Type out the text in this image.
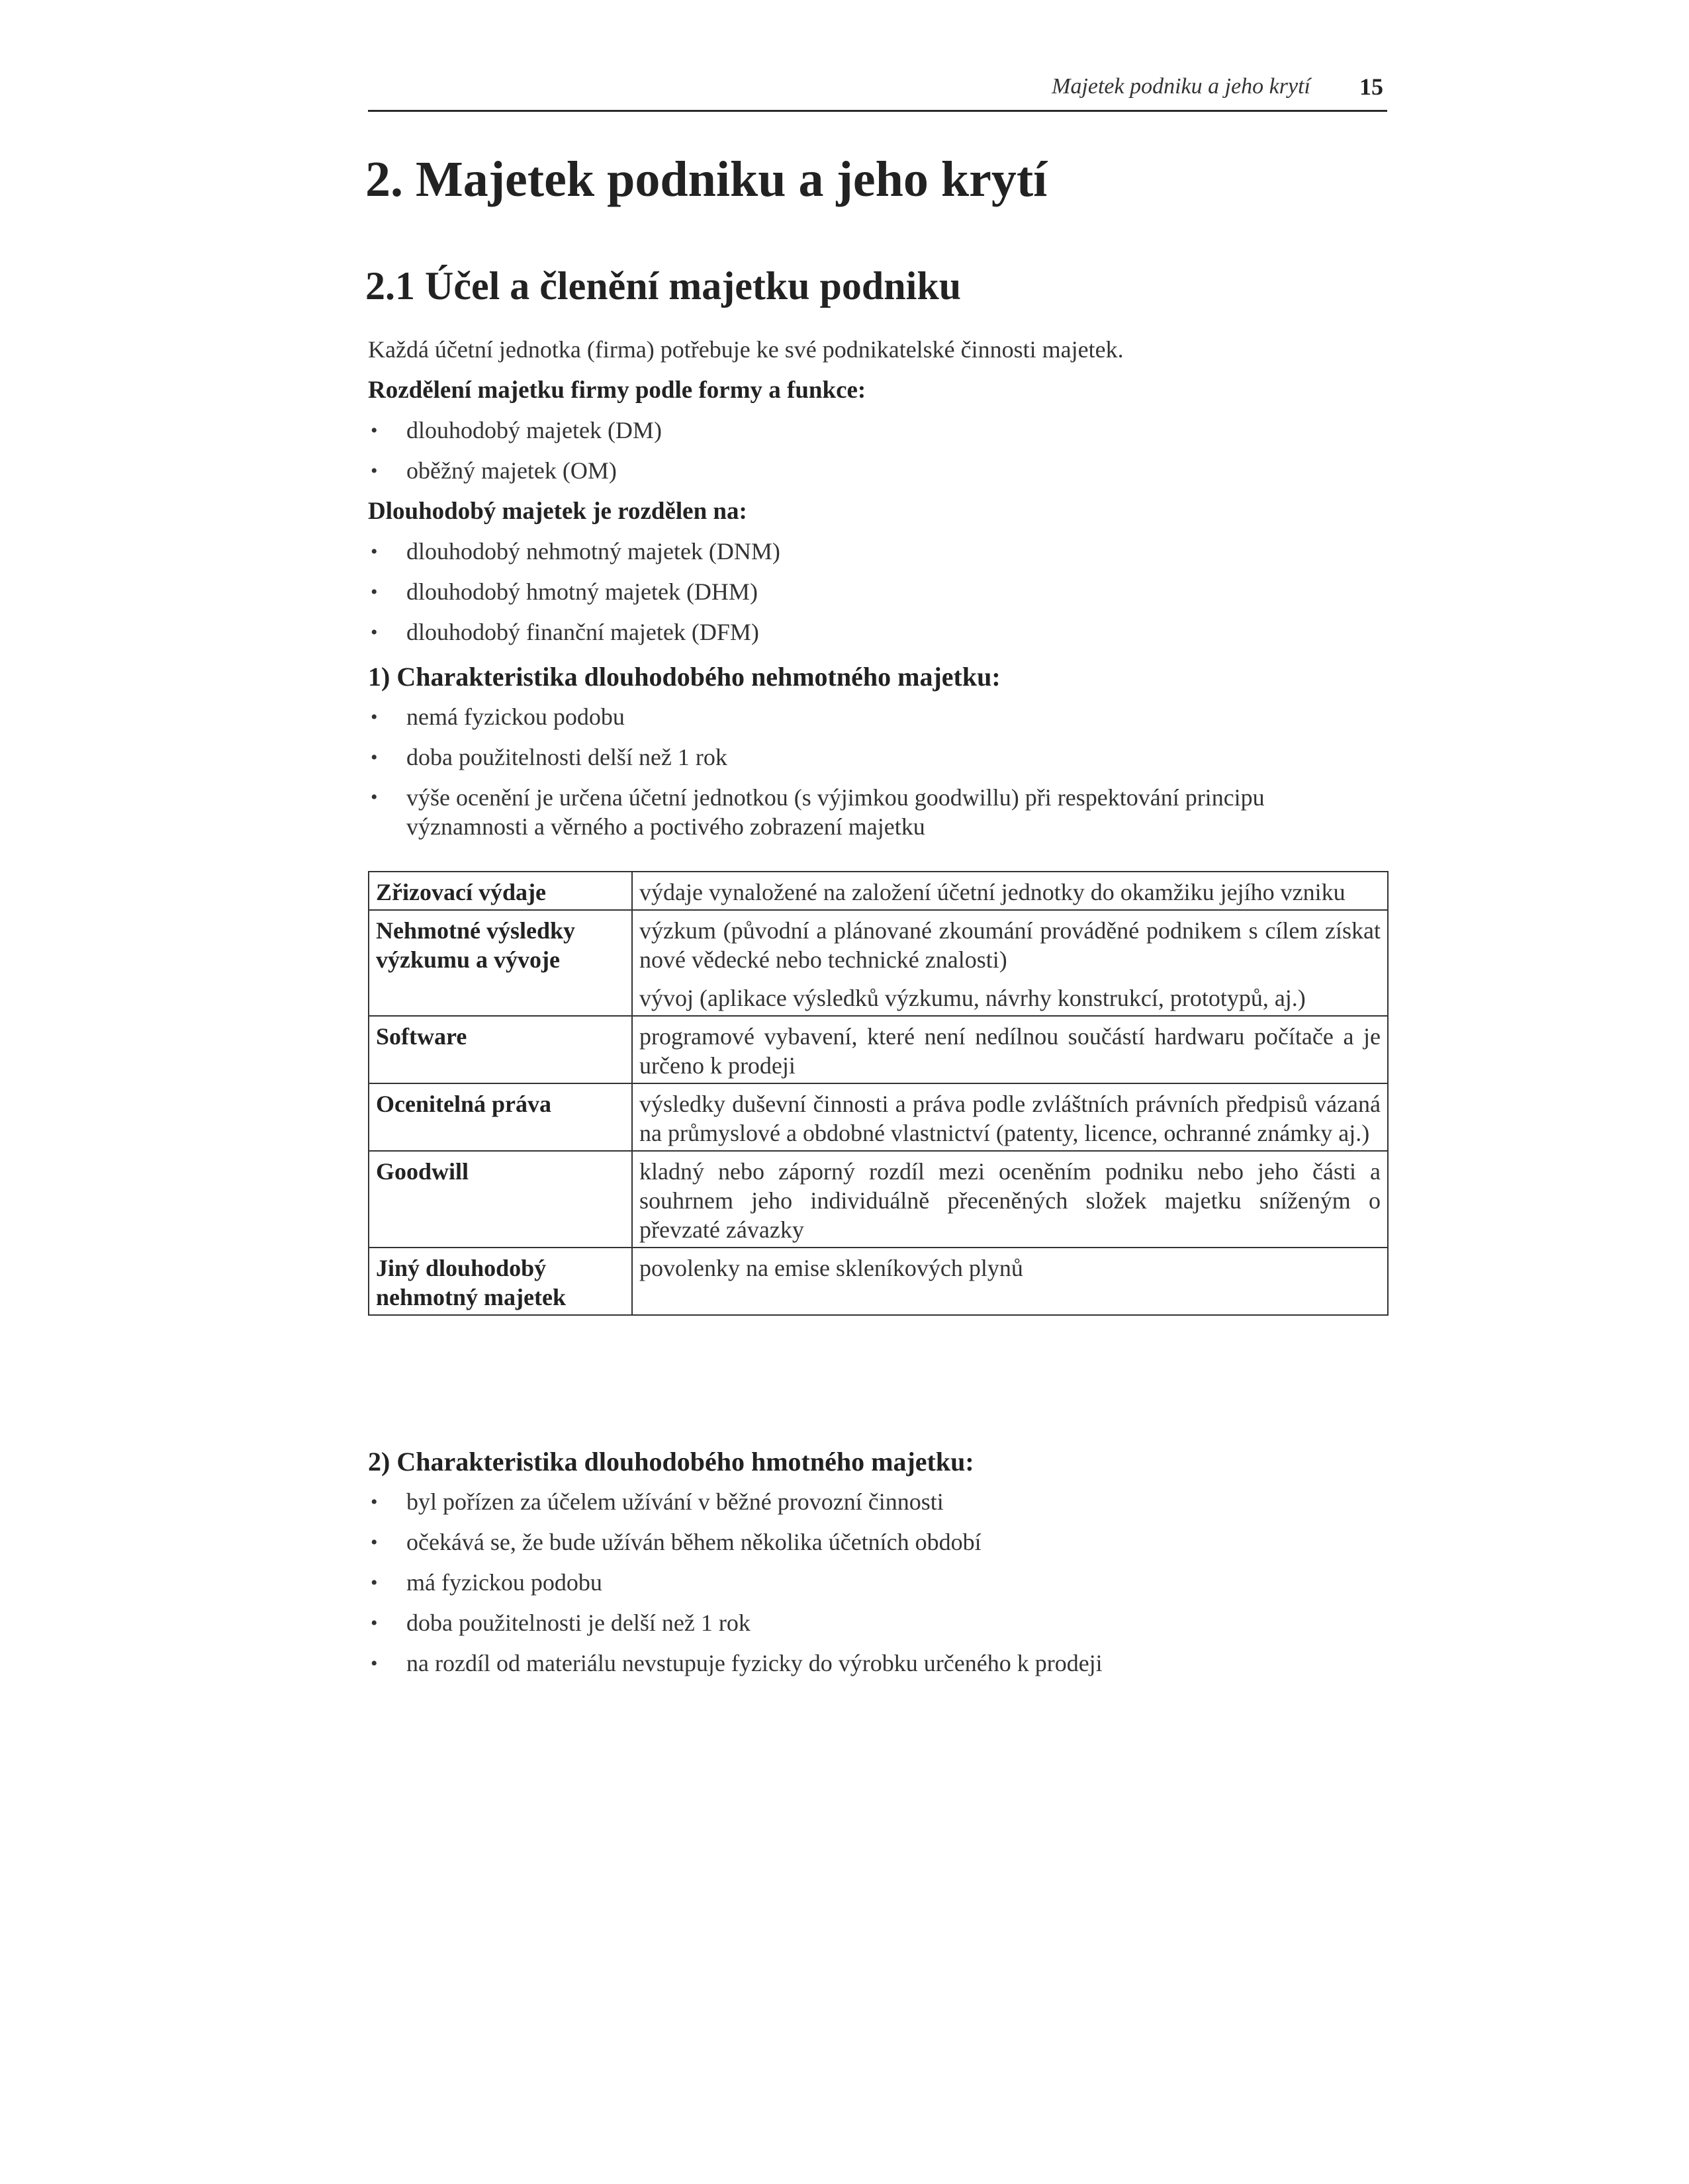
Majetek podniku a jeho krytí 15
2. Majetek podniku a jeho krytí
2.1 Účel a členění majetku podniku

Každá účetní jednotka (firma) potřebuje ke své podnikatelské činnosti majetek.

Rozdělení majetku firmy podle formy a funkce:

• dlouhodobý majetek (DM)
• oběžný majetek (OM)

Dlouhodobý majetek je rozdělen na:

• dlouhodobý nehmotný majetek (DNM)
• dlouhodobý hmotný majetek (DHM)
• dlouhodobý finanční majetek (DFM)
1) Charakteristika dlouhodobého nehmotného majetku:
• nemá fyzickou podobu
• doba použitelnosti delší než 1 rok
• výše ocenění je určena účetní jednotkou (s výjimkou goodwillu) při respektování principu významnosti a věrného a poctivého zobrazení majetku
Zřizovací výdaje	výdaje vynaložené na založení účetní jednotky do okamžiku jejího vzniku

Nehmotné výsledky výzkumu a vývoje	výzkum (původní a plánované zkoumání prováděné podnikem s cílem získat nové vědecké nebo technické znalosti)

vývoj (aplikace výsledků výzkumu, návrhy konstrukcí, prototypů, aj.)

Software	programové vybavení, které není nedílnou součástí hardwaru počítače a je určeno k prodeji

Ocenitelná práva	výsledky duševní činnosti a práva podle zvláštních právních předpisů vázaná na průmyslové a obdobné vlastnictví (patenty, licence, ochranné známky aj.)

Goodwill	kladný nebo záporný rozdíl mezi oceněním podniku nebo jeho části a souhrnem jeho individuálně přeceněných složek majetku sníženým o převzaté závazky

Jiný dlouhodobý nehmotný majetek	povolenky na emise skleníkových plynů

2) Charakteristika dlouhodobého hmotného majetku:
• byl pořízen za účelem užívání v běžné provozní činnosti
• očekává se, že bude užíván během několika účetních období
• má fyzickou podobu
• doba použitelnosti je delší než 1 rok
• na rozdíl od materiálu nevstupuje fyzicky do výrobku určeného k prodeji
